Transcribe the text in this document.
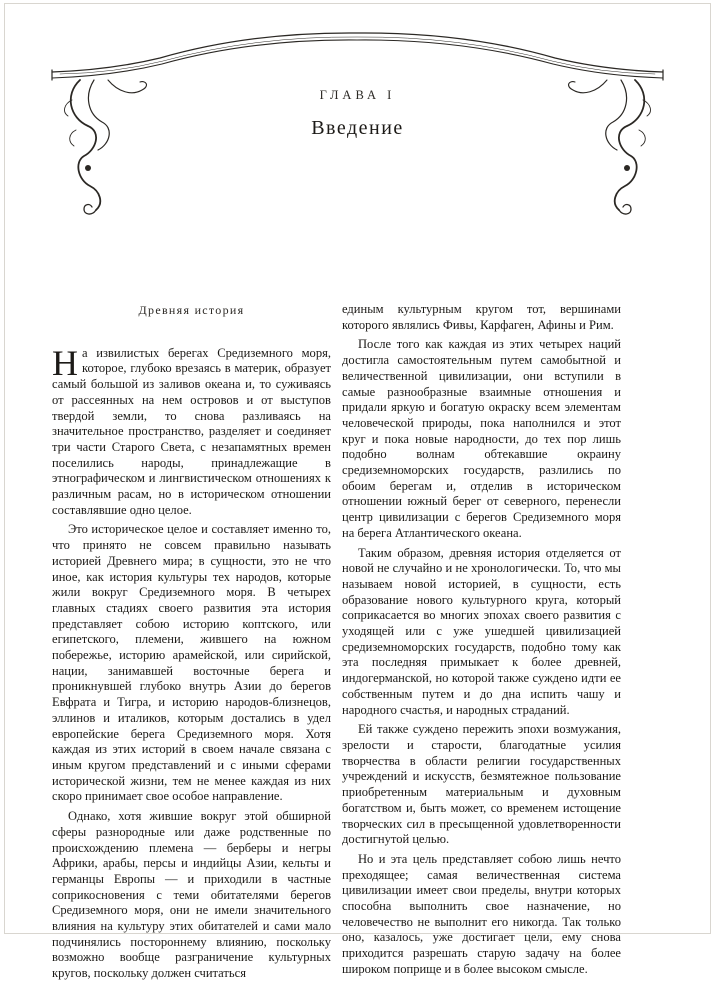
ГЛАВА I
Введение
Древняя история

На извилистых берегах Средиземного моря, которое, глубоко врезаясь в материк, образует самый большой из заливов океана и, то суживаясь от рассеянных на нем островов и от выступов твердой земли, то снова разливаясь на значительное пространство, разделяет и соединяет три части Старого Света, с незапамятных времен поселились народы, принадлежащие в этнографическом и лингвистическом отношениях к различным расам, но в историческом отношении составлявшие одно целое.

Это историческое целое и составляет именно то, что принято не совсем правильно называть историей Древнего мира; в сущности, это не что иное, как история культуры тех народов, которые жили вокруг Средиземного моря. В четырех главных стадиях своего развития эта история представляет собою историю коптского, или египетского, племени, жившего на южном побережье, историю арамейской, или сирийской, нации, занимавшей восточные берега и проникнувшей глубоко внутрь Азии до берегов Евфрата и Тигра, и историю народов-близнецов, эллинов и италиков, которым достались в удел европейские берега Средиземного моря. Хотя каждая из этих историй в своем начале связана с иным кругом представлений и с иными сферами исторической жизни, тем не менее каждая из них скоро принимает свое особое направление.

Однако, хотя жившие вокруг этой обширной сферы разнородные или даже родственные по происхождению племена — берберы и негры Африки, арабы, персы и индийцы Азии, кельты и германцы Европы — и приходили в частные соприкосновения с теми обитателями берегов Средиземного моря, они не имели значительного влияния на культуру этих обитателей и сами мало подчинялись постороннему влиянию, поскольку возможно вообще разграничение культурных кругов, поскольку должен считаться

единым культурным кругом тот, вершинами которого являлись Фивы, Карфаген, Афины и Рим.

После того как каждая из этих четырех наций достигла самостоятельным путем самобытной и величественной цивилизации, они вступили в самые разнообразные взаимные отношения и придали яркую и богатую окраску всем элементам человеческой природы, пока наполнился и этот круг и пока новые народности, до тех пор лишь подобно волнам обтекавшие окраину средиземноморских государств, разлились по обоим берегам и, отделив в историческом отношении южный берег от северного, перенесли центр цивилизации с берегов Средиземного моря на берега Атлантического океана.

Таким образом, древняя история отделяется от новой не случайно и не хронологически. То, что мы называем новой историей, в сущности, есть образование нового культурного круга, который соприкасается во многих эпохах своего развития с уходящей или с уже ушедшей цивилизацией средиземноморских государств, подобно тому как эта последняя примыкает к более древней, индогерманской, но которой также суждено идти ее собственным путем и до дна испить чашу и народного счастья, и народных страданий.

Ей также суждено пережить эпохи возмужания, зрелости и старости, благодатные усилия творчества в области религии государственных учреждений и искусств, безмятежное пользование приобретенным материальным и духовным богатством и, быть может, со временем истощение творческих сил в пресыщенной удовлетворенности достигнутой целью.

Но и эта цель представляет собою лишь нечто преходящее; самая величественная система цивилизации имеет свои пределы, внутри которых способна выполнить свое назначение, но человечество не выполнит его никогда. Так только оно, казалось, уже достигает цели, ему снова приходится разрешать старую задачу на более широком поприще и в более высоком смысле.
